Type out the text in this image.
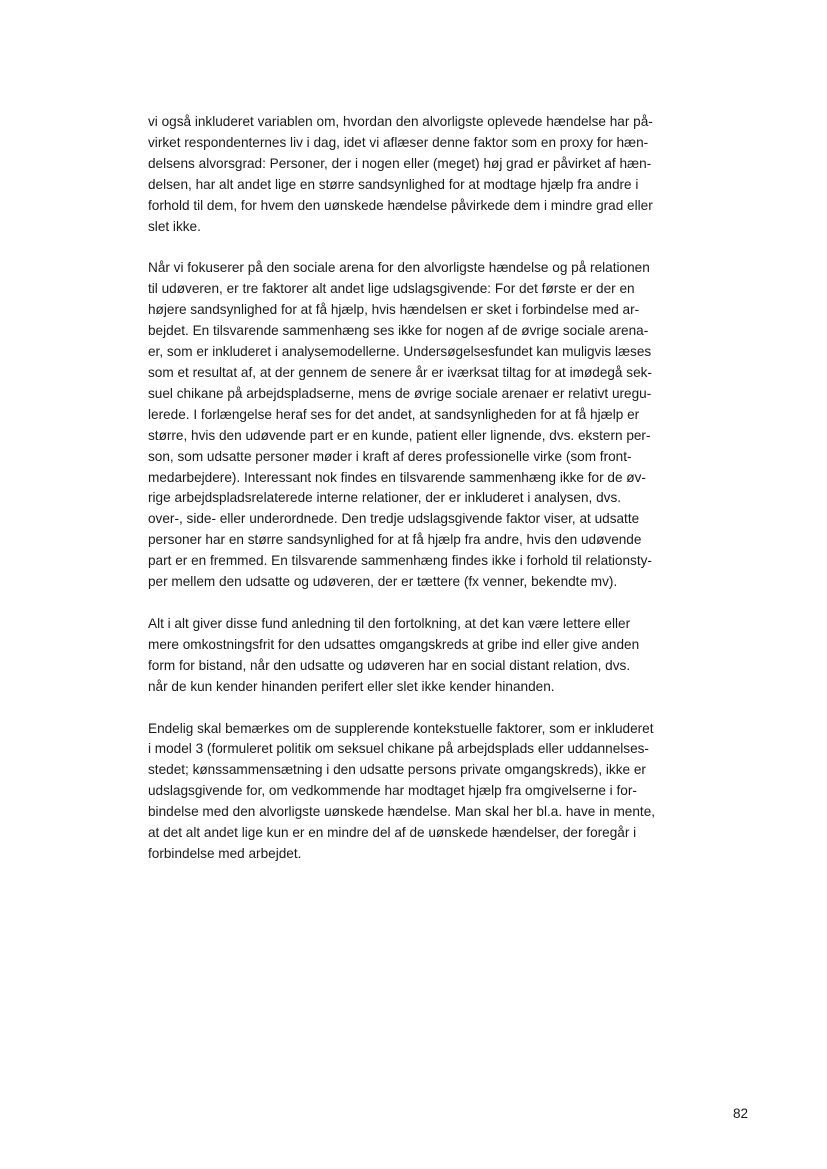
vi også inkluderet variablen om, hvordan den alvorligste oplevede hændelse har på-
virket respondenternes liv i dag, idet vi aflæser denne faktor som en proxy for hæn-
delsens alvorsgrad: Personer, der i nogen eller (meget) høj grad er påvirket af hæn-
delsen, har alt andet lige en større sandsynlighed for at modtage hjælp fra andre i
forhold til dem, for hvem den uønskede hændelse påvirkede dem i mindre grad eller
slet ikke.

Når vi fokuserer på den sociale arena for den alvorligste hændelse og på relationen
til udøveren, er tre faktorer alt andet lige udslagsgivende: For det første er der en
højere sandsynlighed for at få hjælp, hvis hændelsen er sket i forbindelse med ar-
bejdet. En tilsvarende sammenhæng ses ikke for nogen af de øvrige sociale arena-
er, som er inkluderet i analysemodellerne. Undersøgelsesfundet kan muligvis læses
som et resultat af, at der gennem de senere år er iværksat tiltag for at imødegå sek-
suel chikane på arbejdspladserne, mens de øvrige sociale arenaer er relativt uregu-
lerede. I forlængelse heraf ses for det andet, at sandsynligheden for at få hjælp er
større, hvis den udøvende part er en kunde, patient eller lignende, dvs. ekstern per-
son, som udsatte personer møder i kraft af deres professionelle virke (som front-
medarbejdere). Interessant nok findes en tilsvarende sammenhæng ikke for de øv-
rige arbejdspladsrelaterede interne relationer, der er inkluderet i analysen, dvs.
over-, side- eller underordnede. Den tredje udslagsgivende faktor viser, at udsatte
personer har en større sandsynlighed for at få hjælp fra andre, hvis den udøvende
part er en fremmed. En tilsvarende sammenhæng findes ikke i forhold til relationsty-
per mellem den udsatte og udøveren, der er tættere (fx venner, bekendte mv).

Alt i alt giver disse fund anledning til den fortolkning, at det kan være lettere eller
mere omkostningsfrit for den udsattes omgangskreds at gribe ind eller give anden
form for bistand, når den udsatte og udøveren har en social distant relation, dvs.
når de kun kender hinanden perifert eller slet ikke kender hinanden.

Endelig skal bemærkes om de supplerende kontekstuelle faktorer, som er inkluderet
i model 3 (formuleret politik om seksuel chikane på arbejdsplads eller uddannelses-
stedet; kønssammensætning i den udsatte persons private omgangskreds), ikke er
udslagsgivende for, om vedkommende har modtaget hjælp fra omgivelserne i for-
bindelse med den alvorligste uønskede hændelse. Man skal her bl.a. have in mente,
at det alt andet lige kun er en mindre del af de uønskede hændelser, der foregår i
forbindelse med arbejdet.

82
